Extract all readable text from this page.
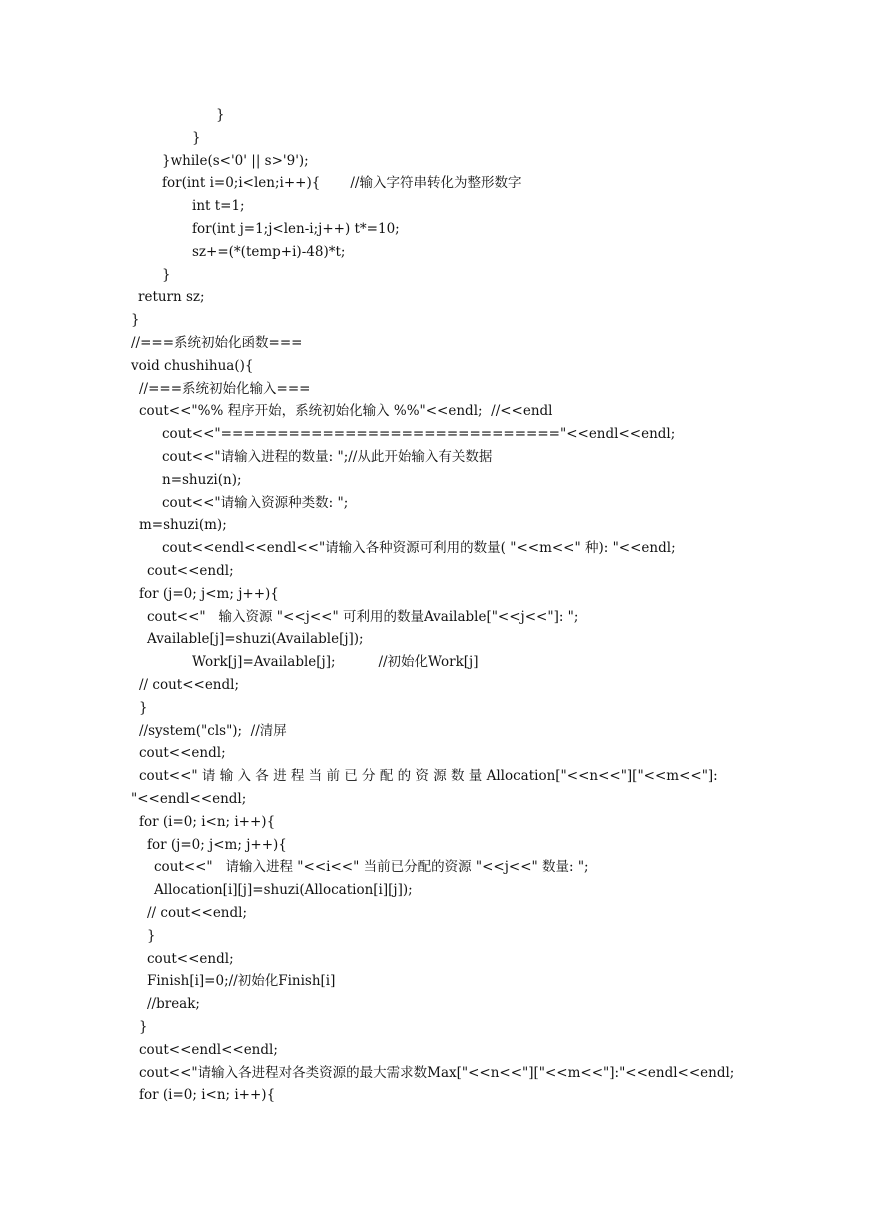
}
}
}while(s<'0' || s>'9');
for(int i=0;i<len;i++){       //输入字符串转化为整形数字
int t=1;
for(int j=1;j<len-i;j++) t*=10;
sz+=(*(temp+i)-48)*t;
}
return sz;
}
//===系统初始化函数===
void chushihua(){
//===系统初始化输入===
cout<<"%% 程序开始，系统初始化输入 %%"<<endl;  //<<endl
cout<<"=============================="<<endl<<endl;
cout<<"请输入进程的数量: ";//从此开始输入有关数据
n=shuzi(n);
cout<<"请输入资源种类数: ";
m=shuzi(m);
cout<<endl<<endl<<"请输入各种资源可利用的数量( "<<m<<" 种): "<<endl;
cout<<endl;
for (j=0; j<m; j++){
cout<<"   输入资源 "<<j<<" 可利用的数量Available["<<j<<"]: ";
Available[j]=shuzi(Available[j]);
Work[j]=Available[j];          //初始化Work[j]
// cout<<endl;
}
//system("cls");  //清屏
cout<<endl;
cout<<" 请 输 入 各 进 程 当 前 已 分 配 的 资 源 数 量 Allocation["<<n<<"]["<<m<<"]:
"<<endl<<endl;
for (i=0; i<n; i++){
for (j=0; j<m; j++){
cout<<"   请输入进程 "<<i<<" 当前已分配的资源 "<<j<<" 数量: ";
Allocation[i][j]=shuzi(Allocation[i][j]);
// cout<<endl;
}
cout<<endl;
Finish[i]=0;//初始化Finish[i]
//break;
}
cout<<endl<<endl;
cout<<"请输入各进程对各类资源的最大需求数Max["<<n<<"]["<<m<<"]:"<<endl<<endl;
for (i=0; i<n; i++){
